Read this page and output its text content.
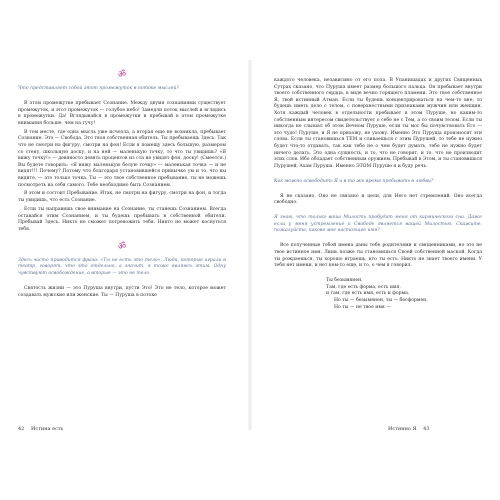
ॐ

Что представляет собой этот промежуток в потоке мыслей?

В этом промежутке пребывает Сознание. Между двумя сознаниями существует промежуток, и этот промежуток — голубое небо! Замедли поток мыслей и вглядись в промежутки. Да! Вглядывайся в промежутки и пребывай в этом промежутке внимания больше, чем на тучу!

В том месте, где одна мысль уже исчезла, а вторая еще не возникла, пребывает Сознание. Это — Свобода. Это твоя собственная обитель. Ты пребываешь Здесь. Так что не смотри на фигуру, смотри на фон! Если я помещу здесь большую, размером со стену, школьную доску, и на ней — маленькую точку, то что ты увидишь? «Я вижу точку!» — девяносто девять процентов из ста не увидят фон, доску! (Смеется.) Вы будете говорить: «Я вижу маленькую белую точку» — маленькая точка — и не видят!!! Почему? Потому что благодаря установившейся привычке ум и то, что вы видите, — это только точка. Ты — это твое собственное пребывание, ты не можешь посмотреть на себя самого. Тебе необходимо быть Сознанием.

В этом и состоит Пребывание. Итак, не смотри на фигуру, смотри на фон, и тогда ты увидишь, что есть Сознание.

Если ты направишь свое внимание на Сознание, ты станешь Сознанием. Всегда оставайся этим Сознанием, и ты будешь пребывать в собственной обители. Пребывай Здесь. Никто не сможет потревожить тебя. Никто не может коснуться тебя.

ॐ

Здесь часто приводится фраза: «Ты не есть это тело». Люди, которые играли в театр, говорят, что это отдельно, а значит, я тоже являюсь этим. Одну чувствуют освобождение, а вторые — это не тело.

Святость жизни — это Пуруша внутри, пусти Это! Это не тело, которое может создавать мужские или женские. Ты — Пуруша в потоке

каждого человека, независимо от его пола. В Упанишадах и других Священных Сутрах сказано, что Пуруша имеет размер большого пальца. Он пребывает внутри твоего собственного сердца, в виде вечно горящего пламени. Это твое собственное Я, твой истинный Атман. Если ты будешь концентрироваться на чем-то вне, то будешь иметь дело с телом, с поверхностными признаками мужчин или женщин. Хотя каждый человек в отдельности пребывает в этом Пуруше, но каким-то собственным интересом свидетельствует о себе не с Тем, а со своим телом. Если ты никогда не слышал об этом Вечном Пуруше, если ты мог бы почувствовать Его — это чудо! Пуруше, и Я не прихожу, не ухожу. Именно Это Пуруша произносит эти слова. Если ты становишься ТЕМ и сливаешься с этим Пурушей, то тебе не нужно будет что-то отдавать, так как тебе не о чем будет думать, тебе не нужно будет ничего делать. Это одна сущность, и то, что не говорит, и то, что не производит этих слов. Ибо обладает собственным оружием. Пребывай в Этом, и ты становишься Пурушей, Ахам Пуруша. Именно ЭТОМ Пуруше я и буду речь.

Как можно освободить Я и в то же время пребывать в любви?

Я не сказано, Оно не связано и цели, для Него нет стремлений. Оно всегда свободно.

Я знаю, что только ваша Милость пробудит меня от кармического сна. Даже если у меня устремление к Свободе является вашей Милостью. Скажите, пожалуйста, каково мое настоящее имя?

Все полученные тобой имена даны тебе родителями и священниками, но это не твое истинное имя. Лишь позже ты становишься Своей собственной маской. Когда ты рождаешься, ты хорошо играешь, кто ты есть. Никто не знает твоего имени. У тебя нет имени, и нет кем-то еще, и то, о чем я говорил.

Ты безымянен.
Там, где есть форма, есть имя,
и там, где есть имя, есть и форма.
Но ты — безымянен, ты — бесформен,
Но ты — не твое имя —
42 Истина есть	Истинно Я 43
